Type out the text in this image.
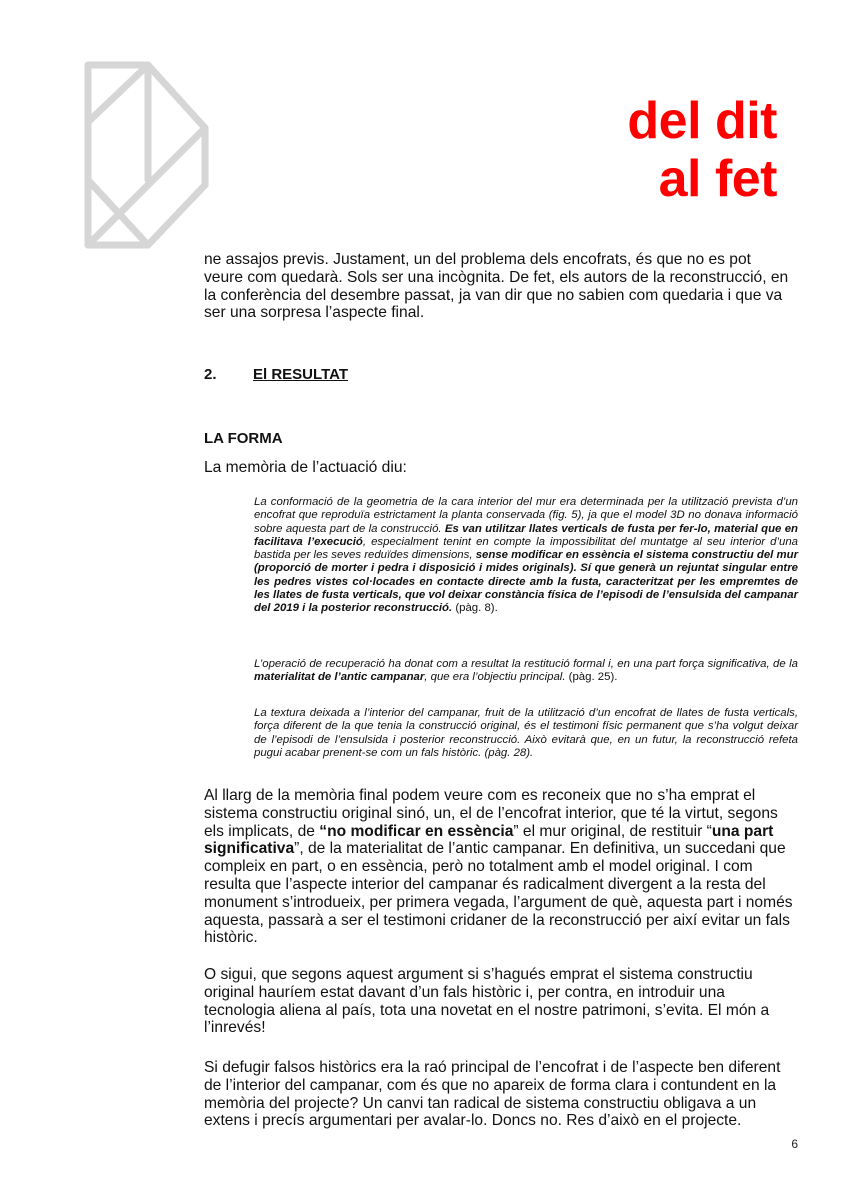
del dit
al fet

ne assajos previs. Justament, un del problema dels encofrats, és que no es pot veure com quedarà. Sols ser una incògnita. De fet, els autors de la reconstrucció, en la conferència del desembre passat, ja van dir que no sabien com quedaria i que va ser una sorpresa l’aspecte final.

2. El RESULTAT
LA FORMA
La memòria de l’actuació diu:
La conformació de la geometria de la cara interior del mur era determinada per la utilització prevista d’un encofrat que reproduïa estrictament la planta conservada (fig. 5), ja que el model 3D no donava informació sobre aquesta part de la construcció. Es van utilitzar llates verticals de fusta per fer-lo, material que en facilitava l’execució, especialment tenint en compte la impossibilitat del muntatge al seu interior d’una bastida per les seves reduïdes dimensions, sense modificar en essència el sistema constructiu del mur (proporció de morter i pedra i disposició i mides originals). Sí que generà un rejuntat singular entre les pedres vistes col·locades en contacte directe amb la fusta, caracteritzat per les empremtes de les llates de fusta verticals, que vol deixar constància física de l’episodi de l’ensulsida del campanar del 2019 i la posterior reconstrucció. (pàg. 8).
L’operació de recuperació ha donat com a resultat la restitució formal i, en una part força significativa, de la materialitat de l’antic campanar, que era l’objectiu principal. (pàg. 25).
La textura deixada a l’interior del campanar, fruit de la utilització d’un encofrat de llates de fusta verticals, força diferent de la que tenia la construcció original, és el testimoni físic permanent que s’ha volgut deixar de l’episodi de l’ensulsida i posterior reconstrucció. Això evitarà que, en un futur, la reconstrucció refeta pugui acabar prenent-se com un fals històric. (pàg. 28).
Al llarg de la memòria final podem veure com es reconeix que no s’ha emprat el sistema constructiu original sinó, un, el de l’encofrat interior, que té la virtut, segons els implicats, de “no modificar en essència” el mur original, de restituir “una part significativa”, de la materialitat de l’antic campanar. En definitiva, un succedani que compleix en part, o en essència, però no totalment amb el model original. I com resulta que l’aspecte interior del campanar és radicalment divergent a la resta del monument s’introdueix, per primera vegada, l’argument de què, aquesta part i només aquesta, passarà a ser el testimoni cridaner de la reconstrucció per així evitar un fals històric.
O sigui, que segons aquest argument si s’hagués emprat el sistema constructiu original hauríem estat davant d’un fals històric i, per contra, en introduir una tecnologia aliena al país, tota una novetat en el nostre patrimoni, s’evita. El món a l’inrevés!
Si defugir falsos històrics era la raó principal de l’encofrat i de l’aspecte ben diferent de l’interior del campanar, com és que no apareix de forma clara i contundent en la memòria del projecte? Un canvi tan radical de sistema constructiu obligava a un extens i precís argumentari per avalar-lo. Doncs no. Res d’això en el projecte.
6
